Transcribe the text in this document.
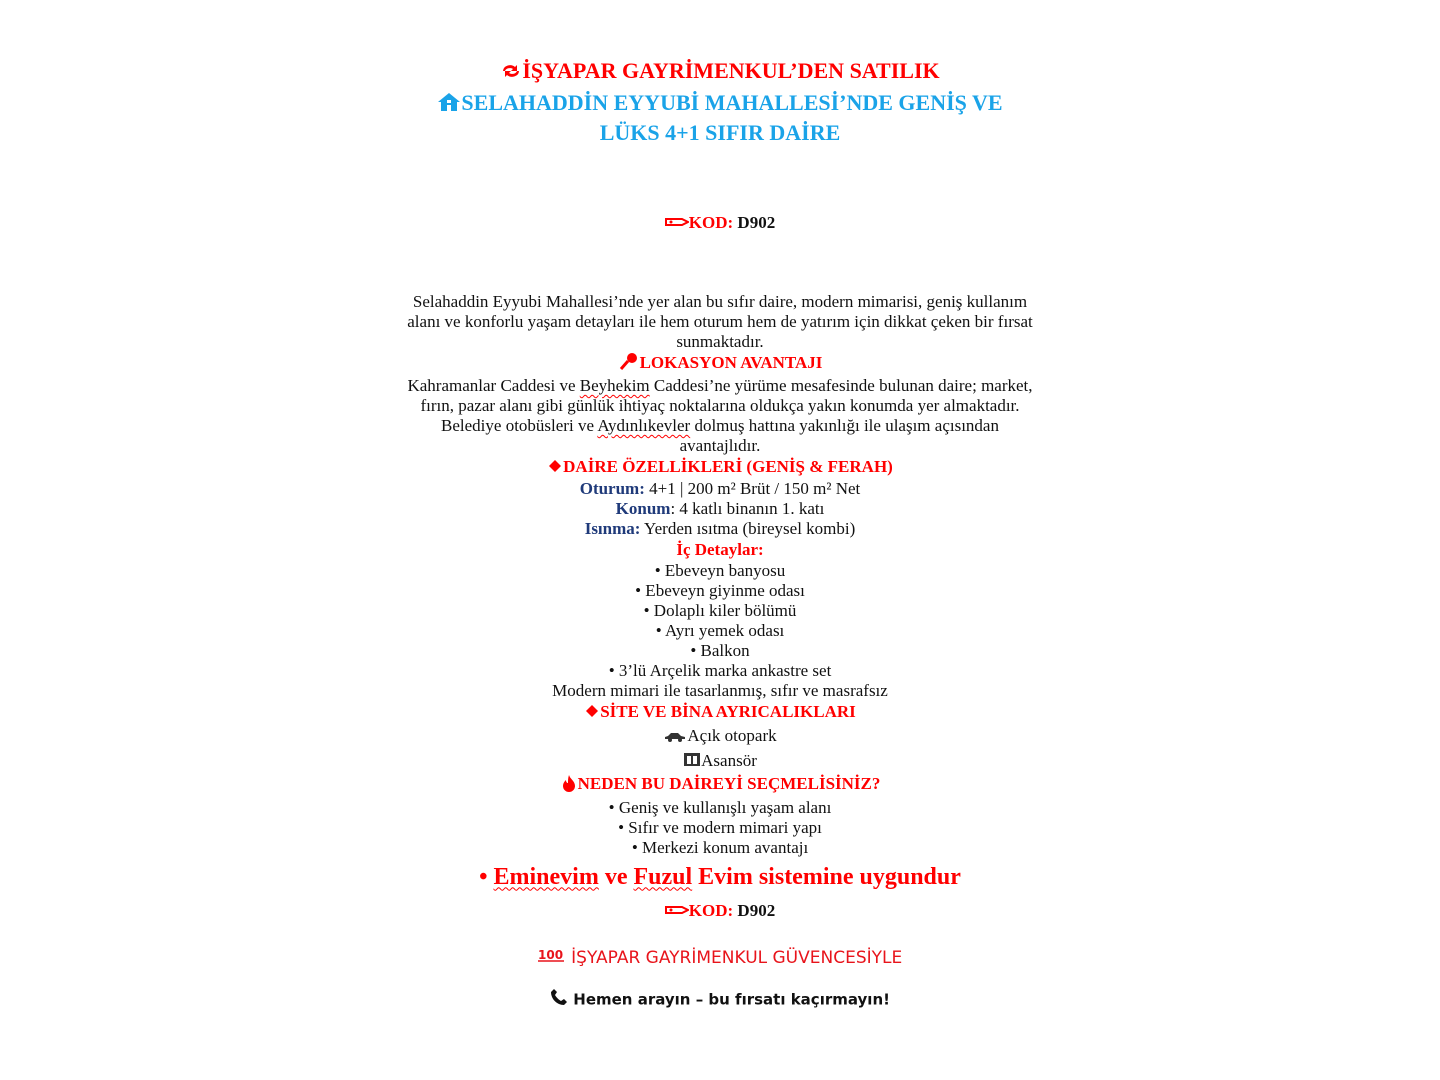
İŞYAPAR GAYRİMENKUL’DEN SATILIK
SELAHADDİN EYYUBİ MAHALLESİ’NDE GENİŞ VE
LÜKS 4+1 SIFIR DAİRE
KOD: D902
Selahaddin Eyyubi Mahallesi’nde yer alan bu sıfır daire, modern mimarisi, geniş kullanım
alanı ve konforlu yaşam detayları ile hem oturum hem de yatırım için dikkat çeken bir fırsat
sunmaktadır.
LOKASYON AVANTAJI
Kahramanlar Caddesi ve Beyhekim Caddesi’ne yürüme mesafesinde bulunan daire; market,
fırın, pazar alanı gibi günlük ihtiyaç noktalarına oldukça yakın konumda yer almaktadır.
Belediye otobüsleri ve Aydınlıkevler dolmuş hattına yakınlığı ile ulaşım açısından
avantajlıdır.
DAİRE ÖZELLİKLERİ (GENİŞ & FERAH)
Oturum: 4+1 | 200 m² Brüt / 150 m² Net
Konum: 4 katlı binanın 1. katı
Isınma: Yerden ısıtma (bireysel kombi)
İç Detaylar:
• Ebeveyn banyosu
• Ebeveyn giyinme odası
• Dolaplı kiler bölümü
• Ayrı yemek odası
• Balkon
• 3’lü Arçelik marka ankastre set
Modern mimari ile tasarlanmış, sıfır ve masrafsız
SİTE VE BİNA AYRICALIKLARI
Açık otopark
Asansör
NEDEN BU DAİREYİ SEÇMELİSİNİZ?
• Geniş ve kullanışlı yaşam alanı
• Sıfır ve modern mimari yapı
• Merkezi konum avantajı
• Eminevim ve Fuzul Evim sistemine uygundur
KOD: D902
100 İŞYAPAR GAYRİMENKUL GÜVENCESİYLE
Hemen arayın – bu fırsatı kaçırmayın!
